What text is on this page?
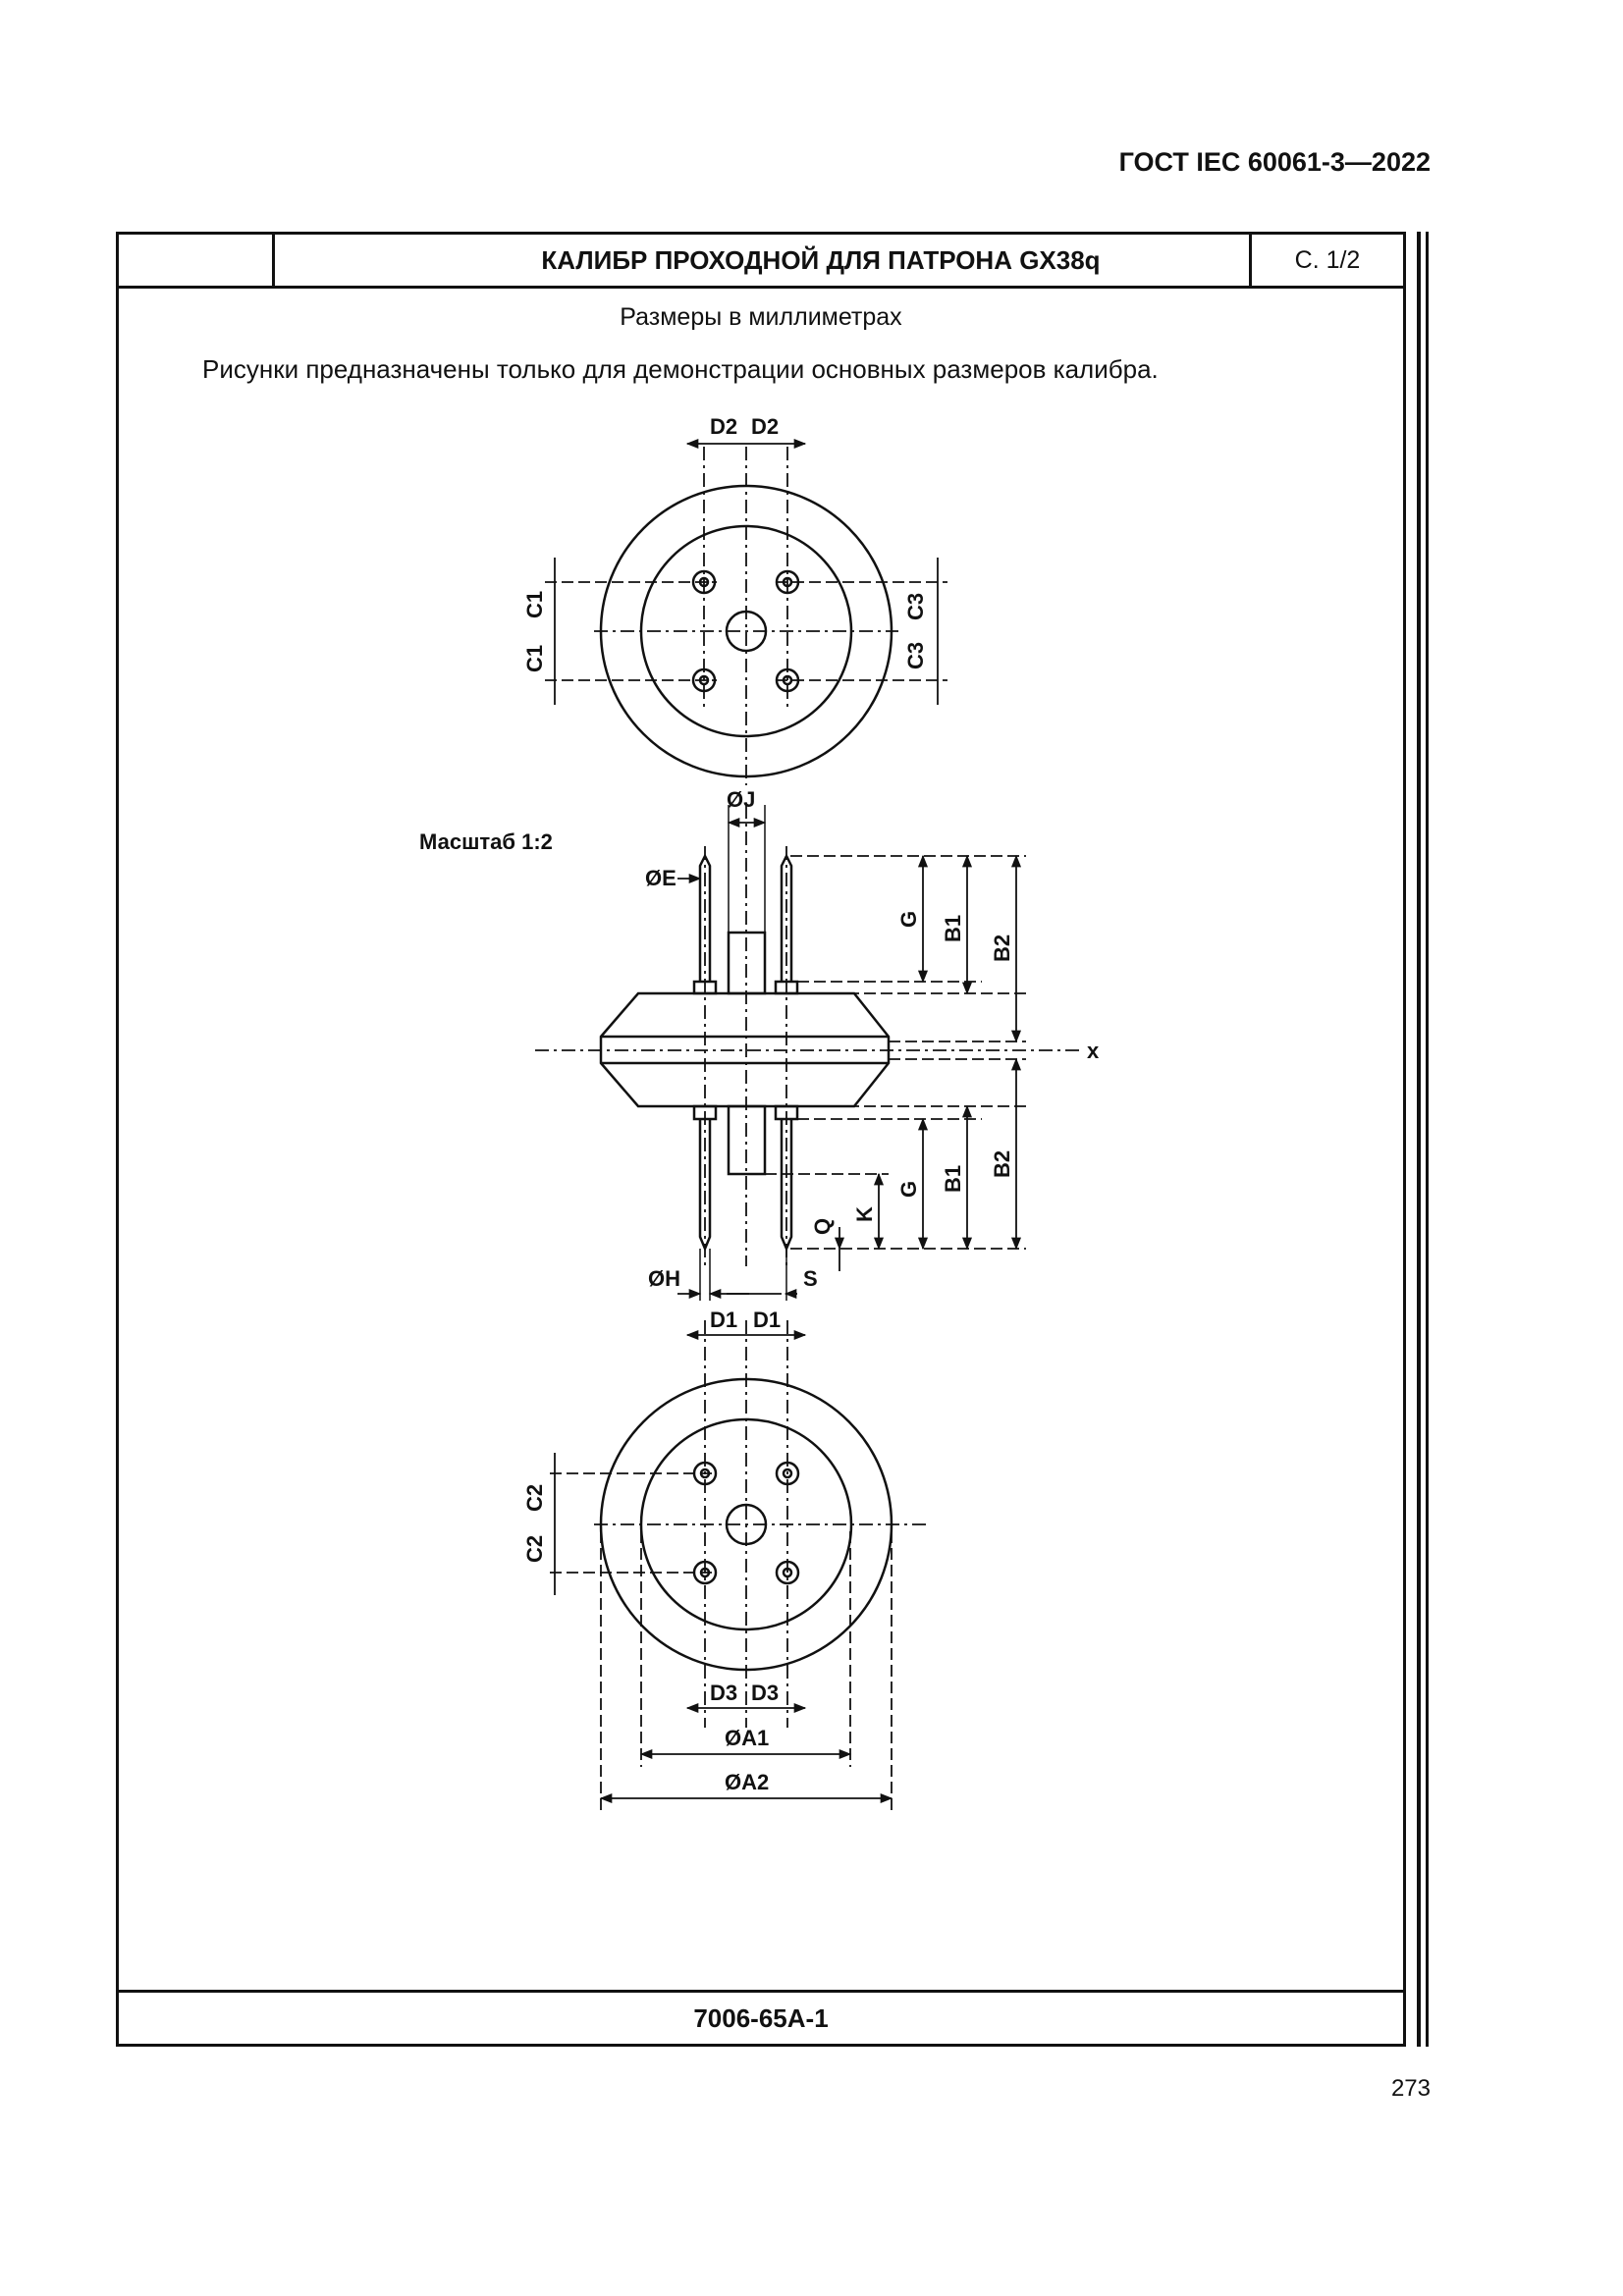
ГОСТ IEC 60061-3—2022
КАЛИБР ПРОХОДНОЙ ДЛЯ ПАТРОНА GX38q	С. 1/2
Размеры в миллиметрах
Рисунки предназначены только для демонстрации основных размеров калибра.
7006-65A-1
D2 D2
C1
C1
C3
C3
ØJ
Масштаб 1:2
ØE
G B1
B2
x
G B1
B2
K
Q
ØH	S
D1 D1
C2
C2
D3 D3
ØA1
ØA2
273
